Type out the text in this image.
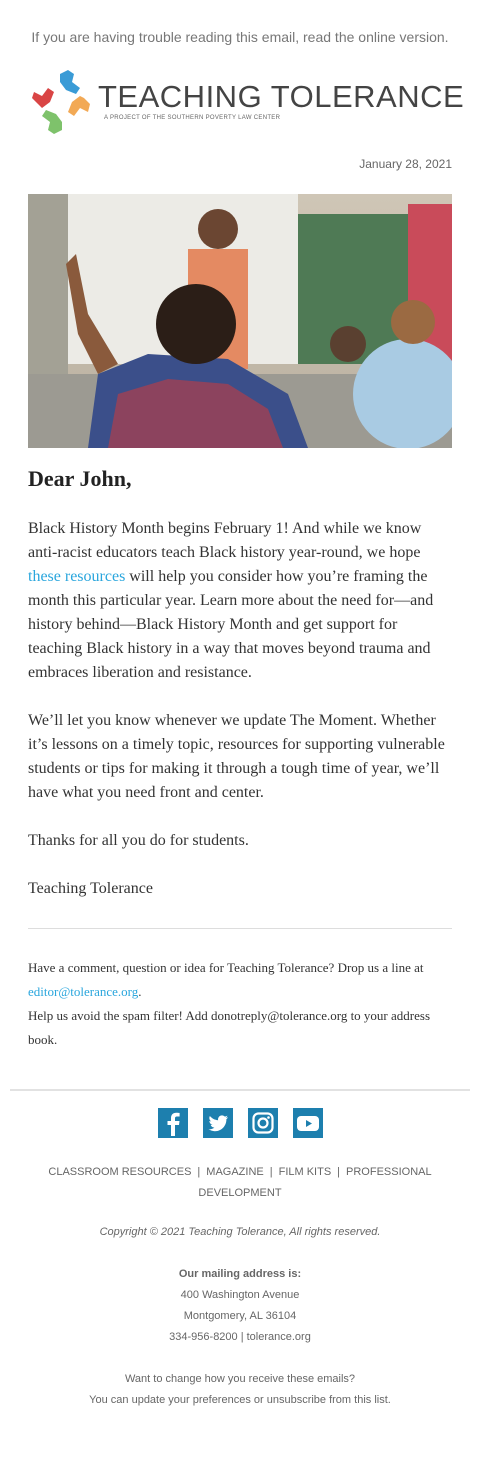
If you are having trouble reading this email, read the online version.
TEACHING TOLERANCE
A PROJECT OF THE SOUTHERN POVERTY LAW CENTER
January 28, 2021
Dear John,

Black History Month begins February 1! And while we know anti-racist educators teach Black history year-round, we hope these resources will help you consider how you’re framing the month this particular year. Learn more about the need for—and history behind—Black History Month and get support for teaching Black history in a way that moves beyond trauma and embraces liberation and resistance.

We’ll let you know whenever we update The Moment. Whether it’s lessons on a timely topic, resources for supporting vulnerable students or tips for making it through a tough time of year, we’ll have what you need front and center.

Thanks for all you do for students.

Teaching Tolerance

Have a comment, question or idea for Teaching Tolerance? Drop us a line at editor@tolerance.org.
Help us avoid the spam filter! Add donotreply@tolerance.org to your address book.

CLASSROOM RESOURCES | MAGAZINE | FILM KITS | PROFESSIONAL DEVELOPMENT
Copyright © 2021 Teaching Tolerance, All rights reserved.
Our mailing address is:
400 Washington Avenue
Montgomery, AL 36104
334-956-8200 | tolerance.org
Want to change how you receive these emails?
You can update your preferences or unsubscribe from this list.
